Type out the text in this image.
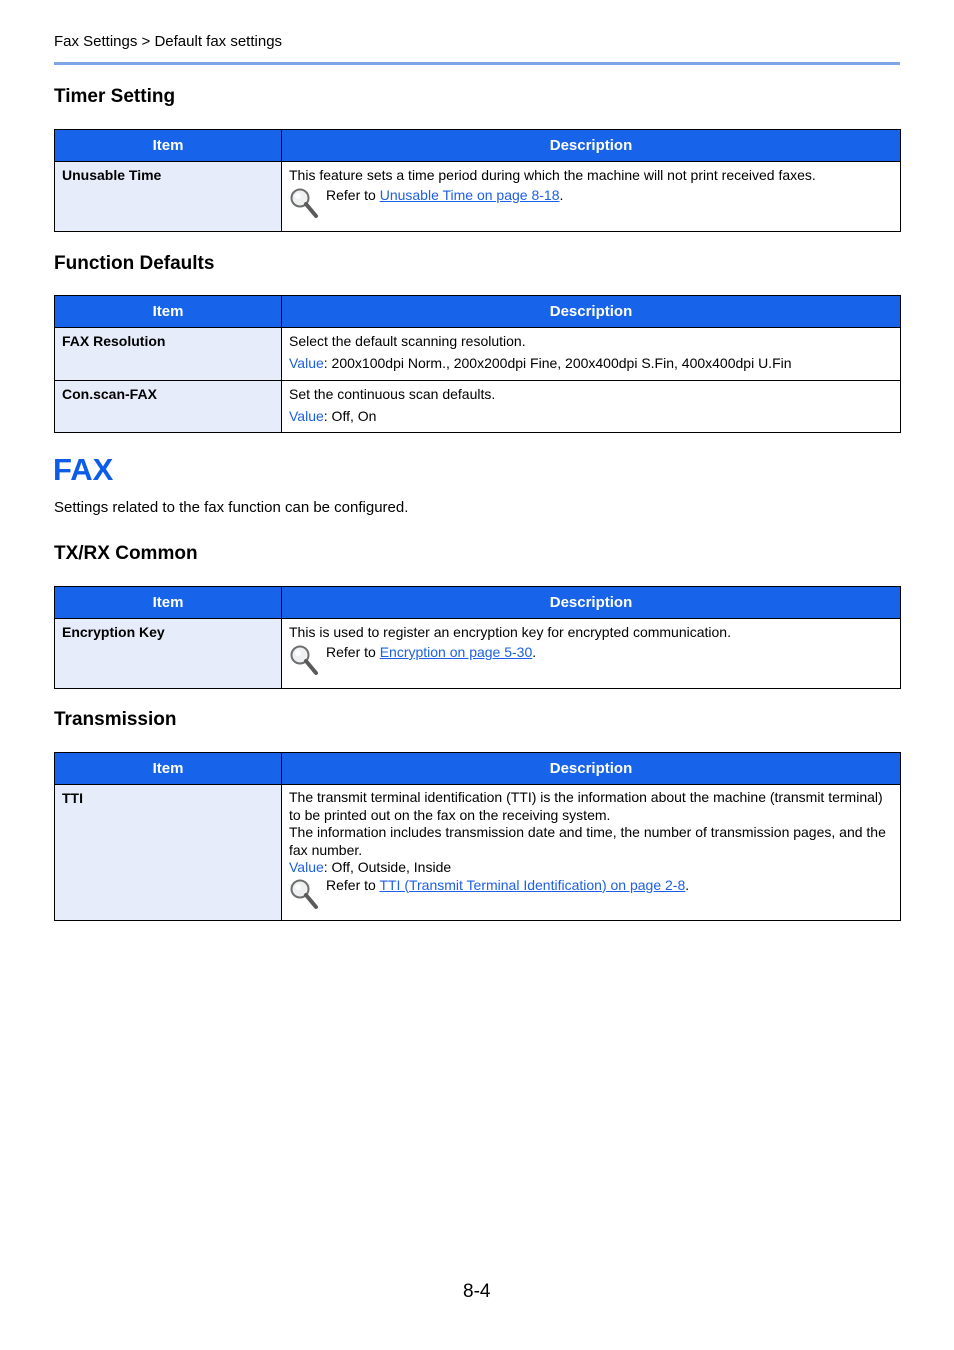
Fax Settings > Default fax settings
Timer Setting
Item	Description
Unusable Time	This feature sets a time period during which the machine will not print received faxes.
Refer to Unusable Time on page 8-18.
Function Defaults
Item	Description
FAX Resolution	Select the default scanning resolution.
Value: 200x100dpi Norm., 200x200dpi Fine, 200x400dpi S.Fin, 400x400dpi U.Fin

Con.scan-FAX	Set the continuous scan defaults.
Value: Off, On
FAX
Settings related to the fax function can be configured.
TX/RX Common
Item	Description
Encryption Key	This is used to register an encryption key for encrypted communication.
Refer to Encryption on page 5-30.
Transmission
Item	Description
TTI	The transmit terminal identification (TTI) is the information about the machine (transmit terminal) to be printed out on the fax on the receiving system.
The information includes transmission date and time, the number of transmission pages, and the fax number.
Value: Off, Outside, Inside
Refer to TTI (Transmit Terminal Identification) on page 2-8.
8-4
